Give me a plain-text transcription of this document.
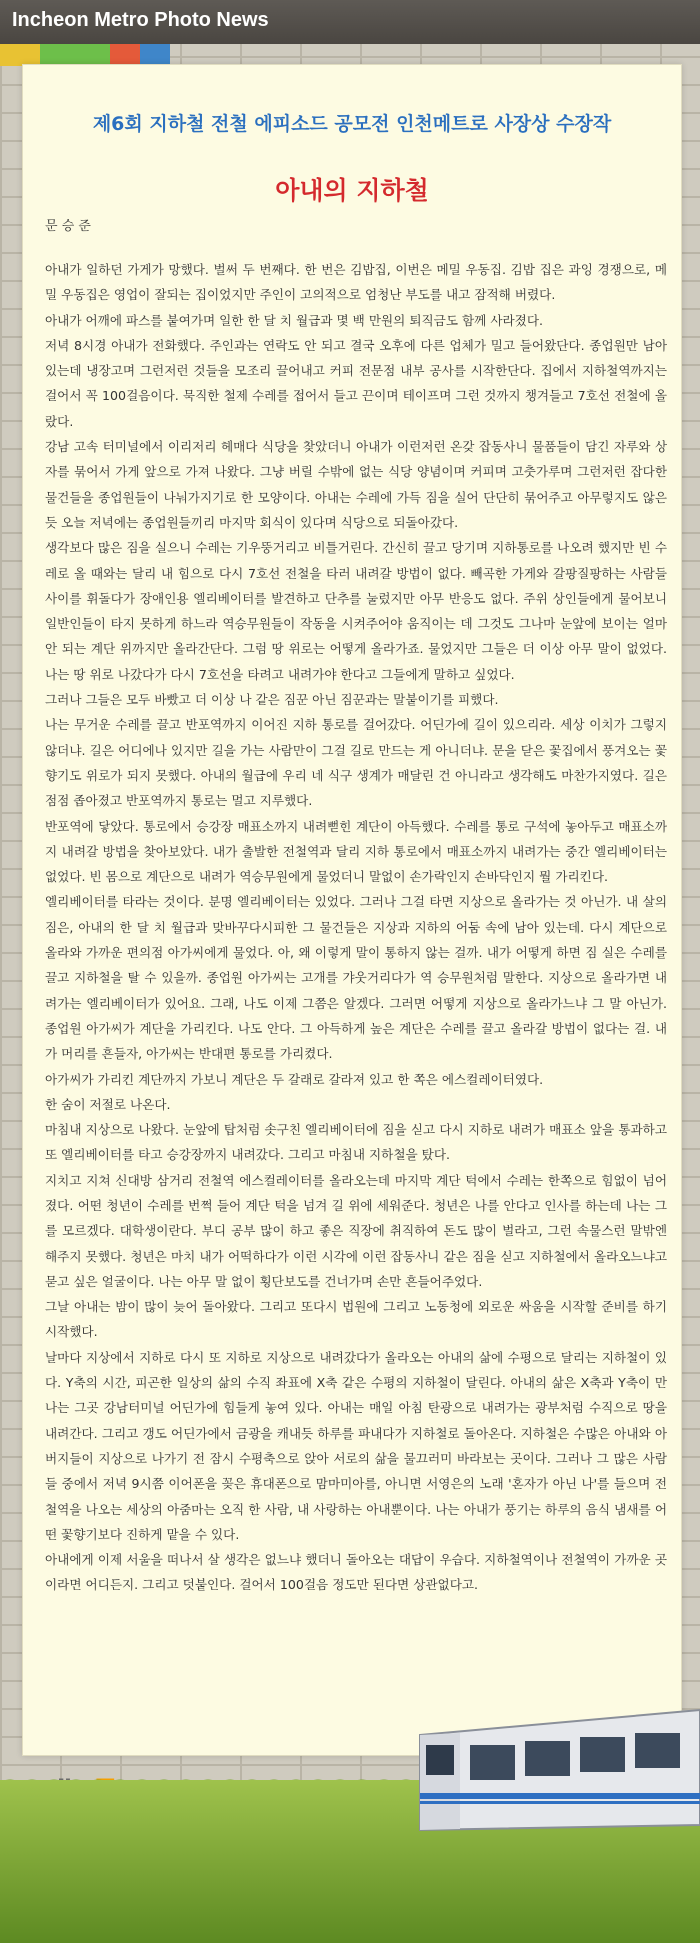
Incheon Metro Photo News
제6회 지하철 전철 에피소드 공모전 인천메트로 사장상 수장작
아내의 지하철
문 승 준

아내가 일하던 가게가 망했다. 벌써 두 번째다. 한 번은 김밥집, 이번은 메밀 우동집. 김밥 집은 과잉 경쟁으로, 메밀 우동집은 영업이 잘되는 집이었지만 주인이 고의적으로 엄청난 부도를 내고 잠적해 버렸다.

아내가 어깨에 파스를 붙여가며 일한 한 달 치 월급과 몇 백 만원의 퇴직금도 함께 사라졌다.

저녁 8시경 아내가 전화했다. 주인과는 연락도 안 되고 결국 오후에 다른 업체가 밀고 들어왔단다. 종업원만 남아 있는데 냉장고며 그런저런 것들을 모조리 끌어내고 커피 전문점 내부 공사를 시작한단다. 집에서 지하철역까지는 걸어서 꼭 100걸음이다. 묵직한 철제 수레를 접어서 들고 끈이며 테이프며 그런 것까지 챙겨들고 7호선 전철에 올랐다.

강남 고속 터미널에서 이리저리 헤매다 식당을 찾았더니 아내가 이런저런 온갖 잡동사니 물품들이 담긴 자루와 상자를 묶어서 가게 앞으로 가져 나왔다. 그냥 버릴 수밖에 없는 식당 양념이며 커피며 고춧가루며 그런저런 잡다한 물건들을 종업원들이 나눠가지기로 한 모양이다. 아내는 수레에 가득 짐을 실어 단단히 묶어주고 아무렇지도 않은 듯 오늘 저녁에는 종업원들끼리 마지막 회식이 있다며 식당으로 되돌아갔다.

생각보다 많은 짐을 실으니 수레는 기우뚱거리고 비틀거린다. 간신히 끌고 당기며 지하통로를 나오려 했지만 빈 수레로 올 때와는 달리 내 힘으로 다시 7호선 전철을 타러 내려갈 방법이 없다. 빼곡한 가게와 갈팡질팡하는 사람들 사이를 휘돌다가 장애인용 엘리베이터를 발견하고 단추를 눌렀지만 아무 반응도 없다. 주위 상인들에게 물어보니 일반인들이 타지 못하게 하느라 역승무원들이 작동을 시켜주어야 움직이는 데 그것도 그나마 눈앞에 보이는 얼마 안 되는 계단 위까지만 올라간단다. 그럼 땅 위로는 어떻게 올라가죠. 물었지만 그들은 더 이상 아무 말이 없었다. 나는 땅 위로 나갔다가 다시 7호선을 타려고 내려가야 한다고 그들에게 말하고 싶었다.

그러나 그들은 모두 바빴고 더 이상 나 같은 짐꾼 아닌 짐꾼과는 말붙이기를 피했다.

나는 무거운 수레를 끌고 반포역까지 이어진 지하 통로를 걸어갔다. 어딘가에 길이 있으리라. 세상 이치가 그렇지 않더냐. 길은 어디에나 있지만 길을 가는 사람만이 그걸 길로 만드는 게 아니더냐. 문을 닫은 꽃집에서 풍겨오는 꽃향기도 위로가 되지 못했다. 아내의 월급에 우리 네 식구 생계가 매달린 건 아니라고 생각해도 마찬가지였다. 길은 점점 좁아졌고 반포역까지 통로는 멀고 지루했다.

반포역에 닿았다. 통로에서 승강장 매표소까지 내려뻗힌 계단이 아득했다. 수레를 통로 구석에 놓아두고 매표소까지 내려갈 방법을 찾아보았다. 내가 출발한 전철역과 달리 지하 통로에서 매표소까지 내려가는 중간 엘리베이터는 없었다. 빈 몸으로 계단으로 내려가 역승무원에게 물었더니 말없이 손가락인지 손바닥인지 뭘 가리킨다.

엘리베이터를 타라는 것이다. 분명 엘리베이터는 있었다. 그러나 그걸 타면 지상으로 올라가는 것 아닌가. 내 살의 짐은, 아내의 한 달 치 월급과 맞바꾸다시피한 그 물건들은 지상과 지하의 어둠 속에 남아 있는데. 다시 계단으로 올라와 가까운 편의점 아가씨에게 물었다. 아, 왜 이렇게 말이 통하지 않는 걸까. 내가 어떻게 하면 짐 실은 수레를 끌고 지하철을 탈 수 있을까. 종업원 아가씨는 고개를 갸웃거리다가 역 승무원처럼 말한다. 지상으로 올라가면 내려가는 엘리베이터가 있어요. 그래, 나도 이제 그쯤은 알겠다. 그러면 어떻게 지상으로 올라가느냐 그 말 아닌가. 종업원 아가씨가 계단을 가리킨다. 나도 안다. 그 아득하게 높은 계단은 수레를 끌고 올라갈 방법이 없다는 걸. 내가 머리를 흔들자, 아가씨는 반대편 통로를 가리켰다.

아가씨가 가리킨 계단까지 가보니 계단은 두 갈래로 갈라져 있고 한 쪽은 에스컬레이터였다.

한 숨이 저절로 나온다.

마침내 지상으로 나왔다. 눈앞에 탑처럼 솟구친 엘리베이터에 짐을 싣고 다시 지하로 내려가 매표소 앞을 통과하고 또 엘리베이터를 타고 승강장까지 내려갔다. 그리고 마침내 지하철을 탔다.

지치고 지쳐 신대방 삼거리 전철역 에스컬레이터를 올라오는데 마지막 계단 턱에서 수레는 한쪽으로 힘없이 넘어졌다. 어떤 청년이 수레를 번쩍 들어 계단 턱을 넘겨 길 위에 세워준다. 청년은 나를 안다고 인사를 하는데 나는 그를 모르겠다. 대학생이란다. 부디 공부 많이 하고 좋은 직장에 취직하여 돈도 많이 벌라고, 그런 속물스런 말밖엔 해주지 못했다. 청년은 마치 내가 어떡하다가 이런 시각에 이런 잡동사니 같은 짐을 싣고 지하철에서 올라오느냐고 묻고 싶은 얼굴이다. 나는 아무 말 없이 횡단보도를 건너가며 손만 흔들어주었다.

그날 아내는 밤이 많이 늦어 돌아왔다. 그리고 또다시 법원에 그리고 노동청에 외로운 싸움을 시작할 준비를 하기 시작했다.

날마다 지상에서 지하로 다시 또 지하로 지상으로 내려갔다가 올라오는 아내의 삶에 수평으로 달리는 지하철이 있다. Y축의 시간, 피곤한 일상의 삶의 수직 좌표에 X축 같은 수평의 지하철이 달린다. 아내의 삶은 X축과 Y축이 만나는 그곳 강남터미널 어딘가에 힘들게 놓여 있다. 아내는 매일 아침 탄광으로 내려가는 광부처럼 수직으로 땅을 내려간다. 그리고 갱도 어딘가에서 금광을 캐내듯 하루를 파내다가 지하철로 돌아온다. 지하철은 수많은 아내와 아버지들이 지상으로 나가기 전 잠시 수평축으로 앉아 서로의 삶을 물끄러미 바라보는 곳이다. 그러나 그 많은 사람들 중에서 저녁 9시쯤 이어폰을 꽂은 휴대폰으로 맘마미아를, 아니면 서영은의 노래 '혼자가 아닌 나'를 들으며 전철역을 나오는 세상의 아줌마는 오직 한 사람, 내 사랑하는 아내뿐이다. 나는 아내가 풍기는 하루의 음식 냄새를 어떤 꽃향기보다 진하게 맡을 수 있다.

아내에게 이제 서울을 떠나서 살 생각은 없느냐 했더니 돌아오는 대답이 우습다. 지하철역이나 전철역이 가까운 곳이라면 어디든지. 그리고 덧붙인다. 걸어서 100걸음 정도만 된다면 상관없다고.
